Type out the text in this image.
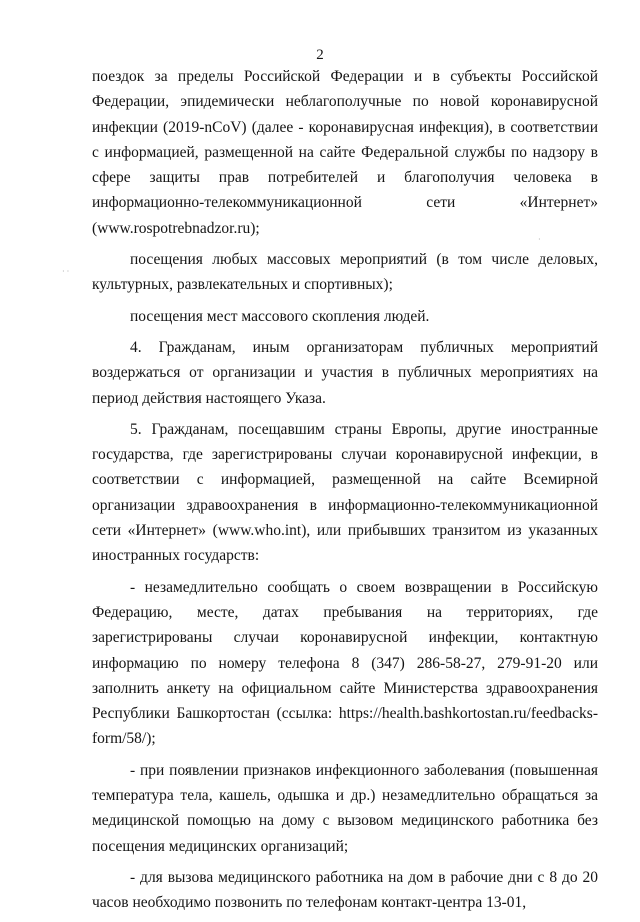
2

поездок за пределы Российской Федерации и в субъекты Российской Федерации, эпидемически неблагополучные по новой коронавирусной инфекции (2019-nCoV) (далее - коронавирусная инфекция), в соответствии с информацией, размещенной на сайте Федеральной службы по надзору в сфере защиты прав потребителей и благополучия человека в информационно-телекоммуникационной сети «Интернет» (www.rospotrebnadzor.ru);

посещения любых массовых мероприятий (в том числе деловых, культурных, развлекательных и спортивных);

посещения мест массового скопления людей.

4. Гражданам, иным организаторам публичных мероприятий воздержаться от организации и участия в публичных мероприятиях на период действия настоящего Указа.

5. Гражданам, посещавшим страны Европы, другие иностранные государства, где зарегистрированы случаи коронавирусной инфекции, в соответствии с информацией, размещенной на сайте Всемирной организации здравоохранения в информационно-телекоммуникационной сети «Интернет» (www.who.int), или прибывших транзитом из указанных иностранных государств:

- незамедлительно сообщать о своем возвращении в Российскую Федерацию, месте, датах пребывания на территориях, где зарегистрированы случаи коронавирусной инфекции, контактную информацию по номеру телефона 8 (347) 286-58-27, 279-91-20 или заполнить анкету на официальном сайте Министерства здравоохранения Республики Башкортостан (ссылка: https://health.bashkortostan.ru/feedbacks-form/58/);

- при появлении признаков инфекционного заболевания (повышенная температура тела, кашель, одышка и др.) незамедлительно обращаться за медицинской помощью на дому с вызовом медицинского работника без посещения медицинских организаций;

- для вызова медицинского работника на дом в рабочие дни с 8 до 20 часов необходимо позвонить по телефонам контакт-центра 13-01,

· ·
·
